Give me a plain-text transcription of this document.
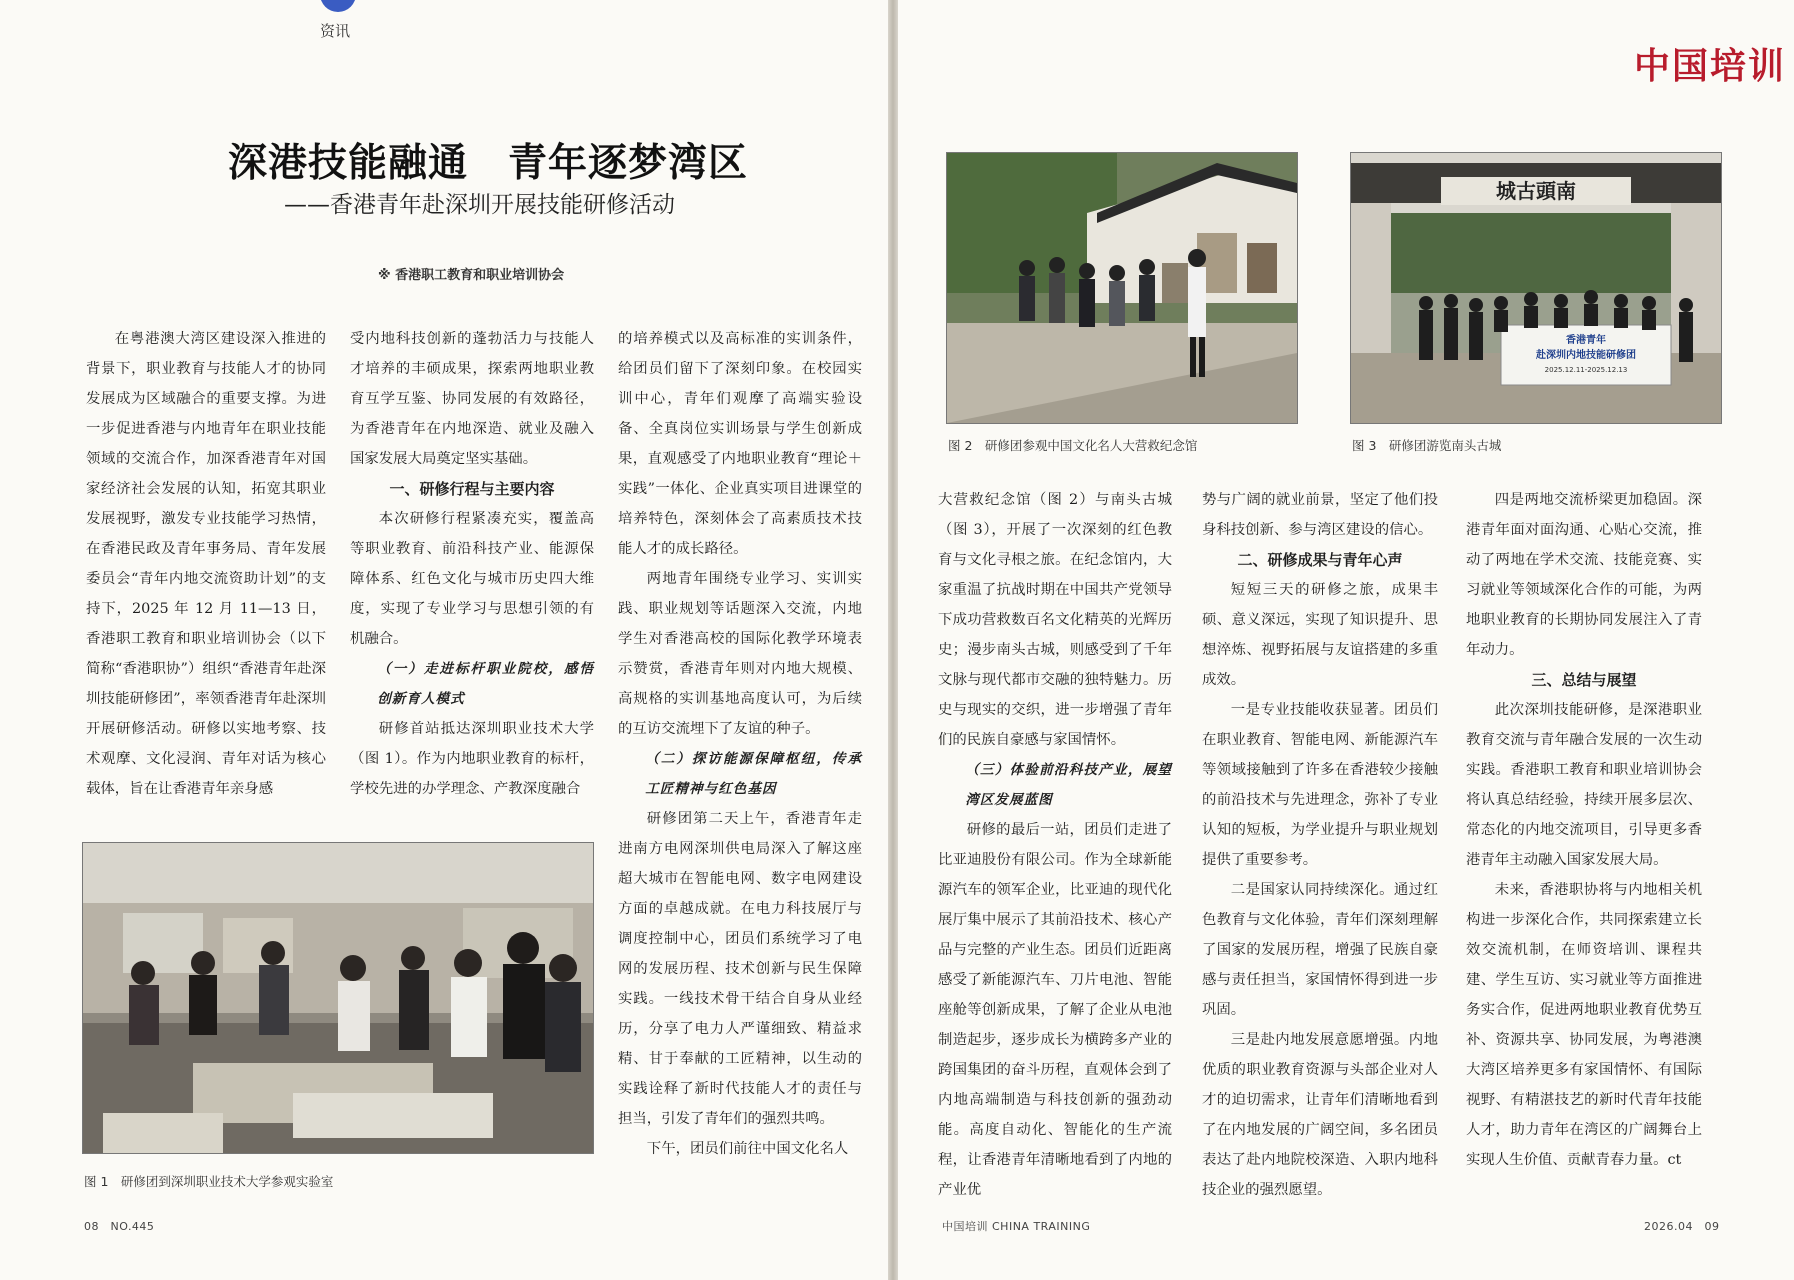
资讯
深港技能融通　青年逐梦湾区
——香港青年赴深圳开展技能研修活动
※ 香港职工教育和职业培训协会

在粤港澳大湾区建设深入推进的背景下，职业教育与技能人才的协同发展成为区域融合的重要支撑。为进一步促进香港与内地青年在职业技能领域的交流合作，加深香港青年对国家经济社会发展的认知，拓宽其职业发展视野，激发专业技能学习热情，在香港民政及青年事务局、青年发展委员会“青年内地交流资助计划”的支持下，2025 年 12 月 11—13 日，香港职工教育和职业培训协会（以下简称“香港职协”）组织“香港青年赴深圳技能研修团”，率领香港青年赴深圳开展研修活动。研修以实地考察、技术观摩、文化浸润、青年对话为核心载体，旨在让香港青年亲身感

受内地科技创新的蓬勃活力与技能人才培养的丰硕成果，探索两地职业教育互学互鉴、协同发展的有效路径，为香港青年在内地深造、就业及融入国家发展大局奠定坚实基础。

一、研修行程与主要内容

本次研修行程紧凑充实，覆盖高等职业教育、前沿科技产业、能源保障体系、红色文化与城市历史四大维度，实现了专业学习与思想引领的有机融合。

（一）走进标杆职业院校，感悟创新育人模式

研修首站抵达深圳职业技术大学（图 1）。作为内地职业教育的标杆，学校先进的办学理念、产教深度融合

的培养模式以及高标准的实训条件，给团员们留下了深刻印象。在校园实训中心，青年们观摩了高端实验设备、全真岗位实训场景与学生创新成果，直观感受了内地职业教育“理论＋实践”一体化、企业真实项目进课堂的培养特色，深刻体会了高素质技术技能人才的成长路径。

两地青年围绕专业学习、实训实践、职业规划等话题深入交流，内地学生对香港高校的国际化教学环境表示赞赏，香港青年则对内地大规模、高规格的实训基地高度认可，为后续的互访交流埋下了友谊的种子。

（二）探访能源保障枢纽，传承工匠精神与红色基因

研修团第二天上午，香港青年走进南方电网深圳供电局深入了解这座超大城市在智能电网、数字电网建设方面的卓越成就。在电力科技展厅与调度控制中心，团员们系统学习了电网的发展历程、技术创新与民生保障实践。一线技术骨干结合自身从业经历，分享了电力人严谨细致、精益求精、甘于奉献的工匠精神，以生动的实践诠释了新时代技能人才的责任与担当，引发了青年们的强烈共鸣。

下午，团员们前往中国文化名人

图 1　研修团到深圳职业技术大学参观实验室
08　NO.445
中国培训
图 2　研修团参观中国文化名人大营救纪念馆
城古頭南
香港青年
赴深圳内地技能研修团
2025.12.11-2025.12.13
图 3　研修团游览南头古城

大营救纪念馆（图 2）与南头古城（图 3），开展了一次深刻的红色教育与文化寻根之旅。在纪念馆内，大家重温了抗战时期在中国共产党领导下成功营救数百名文化精英的光辉历史；漫步南头古城，则感受到了千年文脉与现代都市交融的独特魅力。历史与现实的交织，进一步增强了青年们的民族自豪感与家国情怀。

（三）体验前沿科技产业，展望湾区发展蓝图

研修的最后一站，团员们走进了比亚迪股份有限公司。作为全球新能源汽车的领军企业，比亚迪的现代化展厅集中展示了其前沿技术、核心产品与完整的产业生态。团员们近距离感受了新能源汽车、刀片电池、智能座舱等创新成果，了解了企业从电池制造起步，逐步成长为横跨多产业的跨国集团的奋斗历程，直观体会到了内地高端制造与科技创新的强劲动能。高度自动化、智能化的生产流程，让香港青年清晰地看到了内地的产业优

势与广阔的就业前景，坚定了他们投身科技创新、参与湾区建设的信心。

二、研修成果与青年心声

短短三天的研修之旅，成果丰硕、意义深远，实现了知识提升、思想淬炼、视野拓展与友谊搭建的多重成效。

一是专业技能收获显著。团员们在职业教育、智能电网、新能源汽车等领域接触到了许多在香港较少接触的前沿技术与先进理念，弥补了专业认知的短板，为学业提升与职业规划提供了重要参考。

二是国家认同持续深化。通过红色教育与文化体验，青年们深刻理解了国家的发展历程，增强了民族自豪感与责任担当，家国情怀得到进一步巩固。

三是赴内地发展意愿增强。内地优质的职业教育资源与头部企业对人才的迫切需求，让青年们清晰地看到了在内地发展的广阔空间，多名团员表达了赴内地院校深造、入职内地科技企业的强烈愿望。

四是两地交流桥梁更加稳固。深港青年面对面沟通、心贴心交流，推动了两地在学术交流、技能竞赛、实习就业等领域深化合作的可能，为两地职业教育的长期协同发展注入了青年动力。

三、总结与展望

此次深圳技能研修，是深港职业教育交流与青年融合发展的一次生动实践。香港职工教育和职业培训协会将认真总结经验，持续开展多层次、常态化的内地交流项目，引导更多香港青年主动融入国家发展大局。

未来，香港职协将与内地相关机构进一步深化合作，共同探索建立长效交流机制，在师资培训、课程共建、学生互访、实习就业等方面推进务实合作，促进两地职业教育优势互补、资源共享、协同发展，为粤港澳大湾区培养更多有家国情怀、有国际视野、有精湛技艺的新时代青年技能人才，助力青年在湾区的广阔舞台上实现人生价值、贡献青春力量。ct

中国培训 CHINA TRAINING	2026.04　09
